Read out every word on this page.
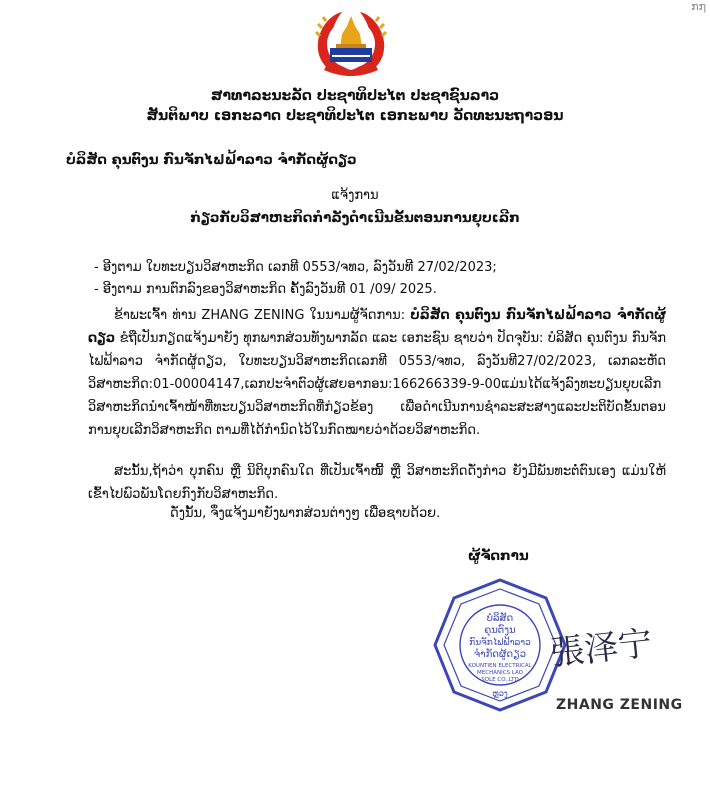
ກ໗
ສາທາລະນະລັດ ປະຊາທິປະໄຕ ປະຊາຊົນລາວ
ສັນຕິພາບ ເອກະລາດ ປະຊາທິປະໄຕ ເອກະພາບ ວັດທະນະຖາວອນ
ບໍລິສັດ ຄຸນຕົງນ ກົນຈັກໄຟຟ້າລາວ ຈຳກັດຜູ້ດຽວ
ແຈ້ງການ
ກ່ຽວກັບວິສາຫະກິດກຳລັງດຳເນີນຂັ້ນຕອນການຍຸບເລີກ
- ອີງຕາມ ໃບທະບຽນວິສາຫະກິດ ເລກທີ 0553/ຈທວ, ລົງວັນທີ 27/02/2023;
- ອີງຕາມ ການຕົກລົງຂອງວິສາຫະກິດ ຄັ້ງລົງວັນທີ 01 /09/ 2025.
ຂ້າພະເຈົ້າ ທ່ານ ZHANG ZENING ໃນນາມຜູ້ຈັດການ: ບໍລິສັດ ຄຸນຕົງນ ກົນຈັກໄຟຟ້າລາວ ຈຳກັດຜູ້ດຽວ ຂໍຖືເປັນກຽດແຈ້ງມາຍັງ ທຸກພາກສ່ວນທັງພາກລັດ ແລະ ເອກະຊົນ ຊາບວ່າ ປັດຈຸບັນ: ບໍລິສັດ ຄຸນຕົງນ ກົນຈັກໄຟຟ້າລາວ ຈຳກັດຜູ້ດຽວ, ໃບທະບຽນວິສາຫະກິດເລກທີ 0553/ຈທວ, ລົງວັນທີ27/02/2023, ເລກລະຫັດວິສາຫະກິດ:01-00004147,ເລກປະຈຳຕົວຜູ້ເສຍອາກອນ:166266339-9-00ແມ່ນໄດ້ແຈ້ງລົງທະບຽນຍຸບເລີກວິສາຫະກິດນຳເຈົ້າໜ້າທີ່ທະບຽນວິສາຫະກິດທີ່ກ່ຽວຂ້ອງ ເພື່ອດຳເນີນການຊຳລະສະສາງແລະປະຕິບັດຂັ້ນຕອນການຍຸບເລີກວິສາຫະກິດ ຕາມທີ່ໄດ້ກຳນົດໄວ້ໃນກົດໝາຍວ່າດ້ວຍວິສາຫະກິດ.
ສະນັ້ນ,ຖ້າວ່າ ບຸກຄົນ ຫຼື ນິຕິບຸກຄົນໃດ ທີ່ເປັນເຈົ້າໜີ້ ຫຼື ວິສາຫະກິດດັ່ງກ່າວ ຍັງມີພັນທະຕໍ່ຕົນເອງ ແມ່ນໃຫ້ເຂົ້າໄປພົວພັນໂດຍກົງກັບວິສາຫະກິດ.
ດັ່ງນັ້ນ, ຈຶ່ງແຈ້ງມາຍັງພາກສ່ວນຕ່າງໆ ເພື່ອຊາບດ້ວຍ.
ຜູ້ຈັດການ
ບໍລິສັດ
ຄຸນຕົງນ
ກົນຈັກໄຟຟ້າລາວ
ຈຳກັດຜູ້ດຽວ
KOUNTIEN ELECTRICAL
MECHANICS LAO
SOLE CO.,LTD
ຫຼວງ
張泽宁
ZHANG ZENING
